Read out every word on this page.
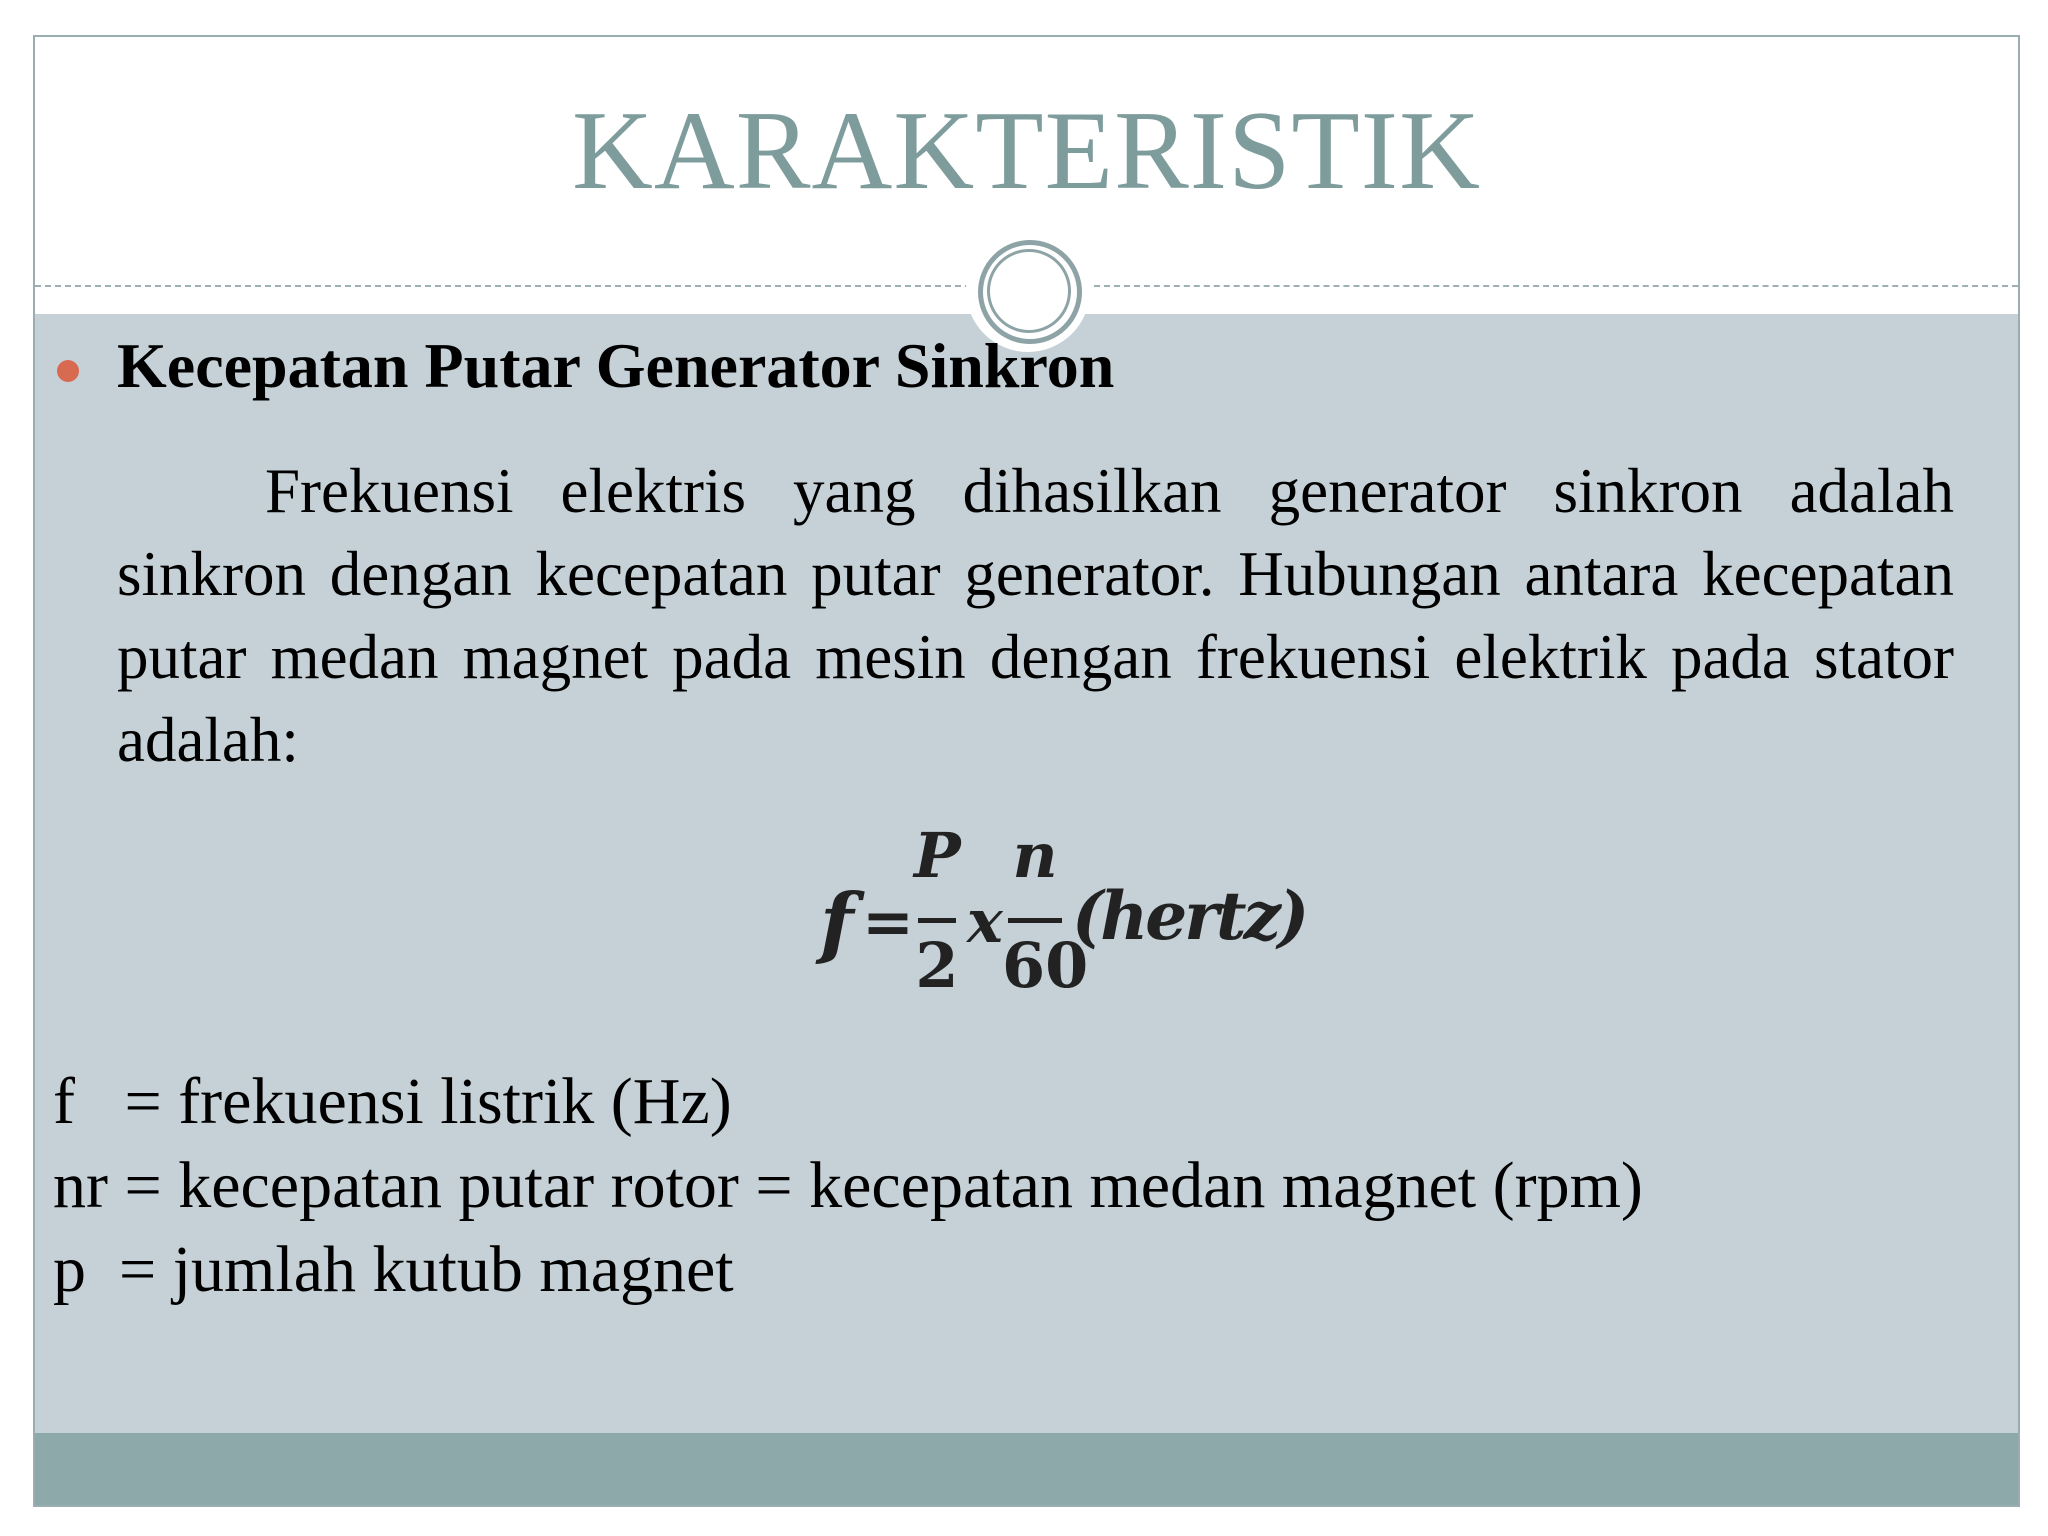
KARAKTERISTIK
Kecepatan Putar Generator Sinkron

Frekuensi elektris yang dihasilkan generator sinkron adalah sinkron dengan kecepatan putar generator. Hubungan antara kecepatan putar medan magnet pada mesin dengan frekuensi elektrik pada stator adalah:

f =
P
2
x
n
60
(hertz)
f   = frekuensi listrik (Hz)
nr = kecepatan putar rotor = kecepatan medan magnet (rpm)
p  = jumlah kutub magnet
